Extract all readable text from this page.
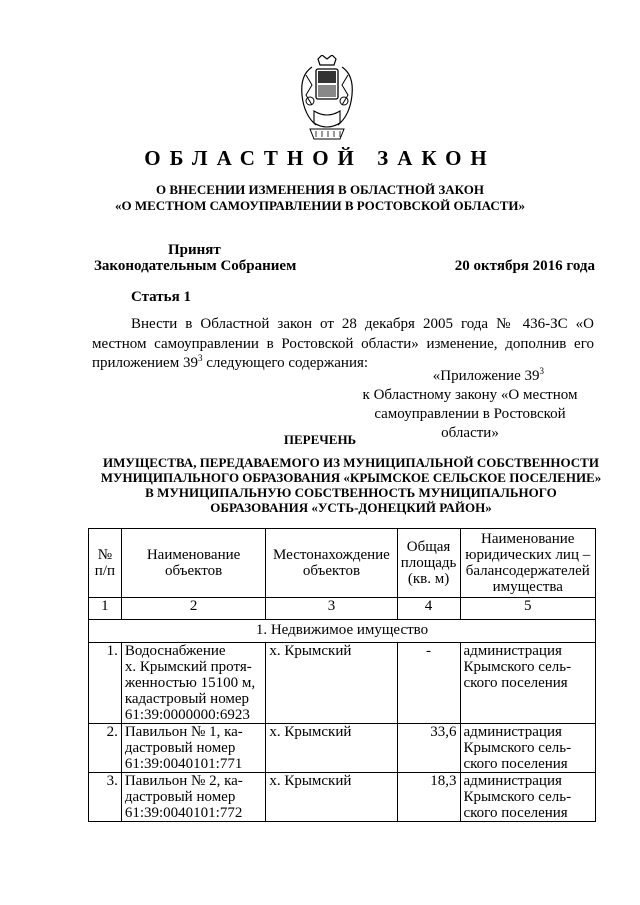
ОБЛАСТНОЙ ЗАКОН
О ВНЕСЕНИИ ИЗМЕНЕНИЯ В ОБЛАСТНОЙ ЗАКОН
«О МЕСТНОМ САМОУПРАВЛЕНИИ В РОСТОВСКОЙ ОБЛАСТИ»
Принят
Законодательным Собранием	20 октября 2016 года
Статья 1

Внести в Областной закон от 28 декабря 2005 года № 436-ЗС «О местном самоуправлении в Ростовской области» изменение, дополнив его приложением $39^3$ следующего содержания:

«Приложение $39^3$
к Областному закону «О местном
самоуправлении в Ростовской области»
ПЕРЕЧЕНЬ
ИМУЩЕСТВА, ПЕРЕДАВАЕМОГО ИЗ МУНИЦИПАЛЬНОЙ СОБСТВЕННОСТИ
МУНИЦИПАЛЬНОГО ОБРАЗОВАНИЯ «КРЫМСКОЕ СЕЛЬСКОЕ ПОСЕЛЕНИЕ»
В МУНИЦИПАЛЬНУЮ СОБСТВЕННОСТЬ МУНИЦИПАЛЬНОГО
ОБРАЗОВАНИЯ «УСТЬ-ДОНЕЦКИЙ РАЙОН»
№ п/п	Наименование объектов	Местонахождение объектов	Общая площадь (кв. м)	Наименование юридических лиц – балансодержателей имущества
1	2	3	4	5
1. Недвижимое имущество				
1.	Водоснабжение
х. Крымский протя-
женностью 15100 м,
кадастровый номер
61:39:0000000:6923	х. Крымский	-	администрация
Крымского сель-
ского поселения
2.	Павильон № 1, ка-
дастровый номер
61:39:0040101:771	х. Крымский	33,6	администрация
Крымского сель-
ского поселения
3.	Павильон № 2, ка-
дастровый номер
61:39:0040101:772	х. Крымский	18,3	администрация
Крымского сель-
ского поселения
